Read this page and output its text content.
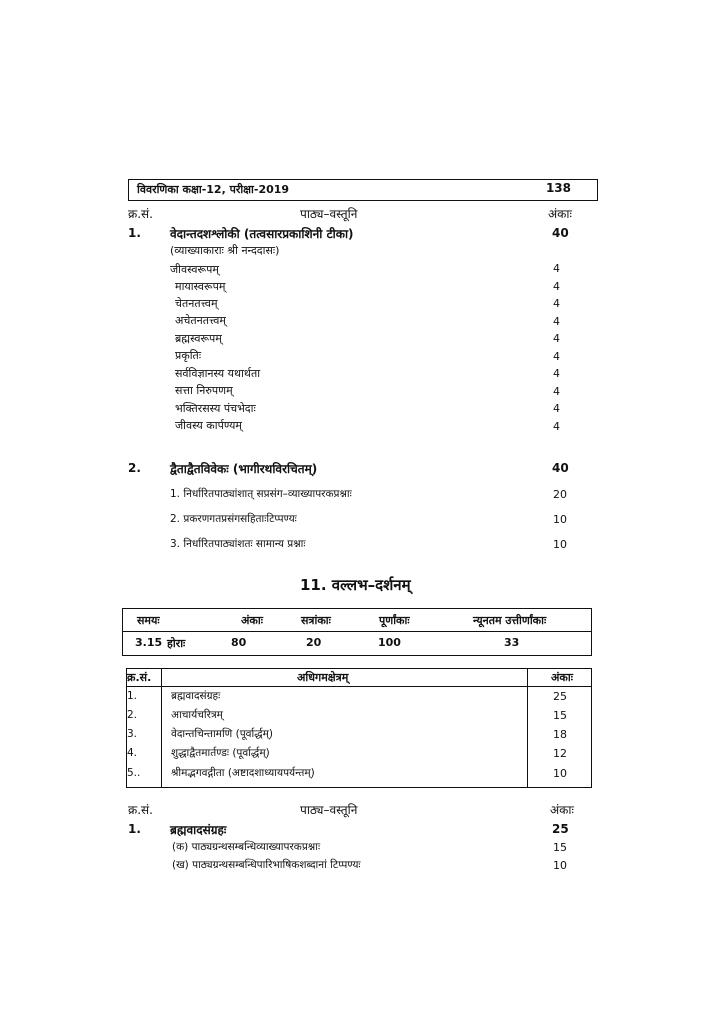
विवरणिका कक्षा-12, परीक्षा-2019	138
क्र.सं.	पाठ्य–वस्तूनि	अंकाः
1. वेदान्तदशश्लोकी (तत्वसारप्रकाशिनी टीका)	40
(व्याख्याकाराः श्री नन्ददासः)
जीवस्वरूपम्	4
मायास्वरूपम्	4
चेतनतत्त्वम्	4
अचेतनतत्त्वम्	4
ब्रह्मस्वरूपम्	4
प्रकृतिः	4
सर्वविज्ञानस्य यथार्थता	4
सत्ता निरुपणम्	4
भक्तिरसस्य पंचभेदाः	4
जीवस्य कार्पण्यम्	4
2. द्वैताद्वैतविवेकः (भागीरथविरचितम्)	40
1. निर्धारितपाठ्यांशात् सप्रसंग–व्याख्यापरकप्रश्नाः	20
2. प्रकरणगतप्रसंगसहिताःटिप्पण्यः	10
3. निर्धारितपाठ्यांशतः सामान्य प्रश्नाः	10
11. वल्लभ–दर्शनम्
समयः	अंकाः	सत्रांकाः	पूर्णांकाः	न्यूनतम उत्तीर्णांकाः
3.15 होराः	80	20	100	33
क्र.सं.	अधिगमक्षेत्रम्	अंकाः
1.	ब्रह्मवादसंग्रहः	25
2.	आचार्यचरित्रम्	15
3.	वेदान्तचिन्तामणि (पूर्वार्द्धम्)	18
4.	शुद्धाद्वैतमार्तण्डः (पूर्वार्द्धम्)	12
5..	श्रीमद्भगवद्गीता (अष्टादशाध्यायपर्यन्तम्)	10
क्र.सं.	पाठ्य–वस्तूनि	अंकाः
1. ब्रह्मवादसंग्रहः	25
(क) पाठ्यग्रन्थसम्बन्धिव्याख्यापरकप्रश्नाः	15
(ख) पाठ्यग्रन्थसम्बन्धिपारिभाषिकशब्दानां टिप्पण्यः	10
